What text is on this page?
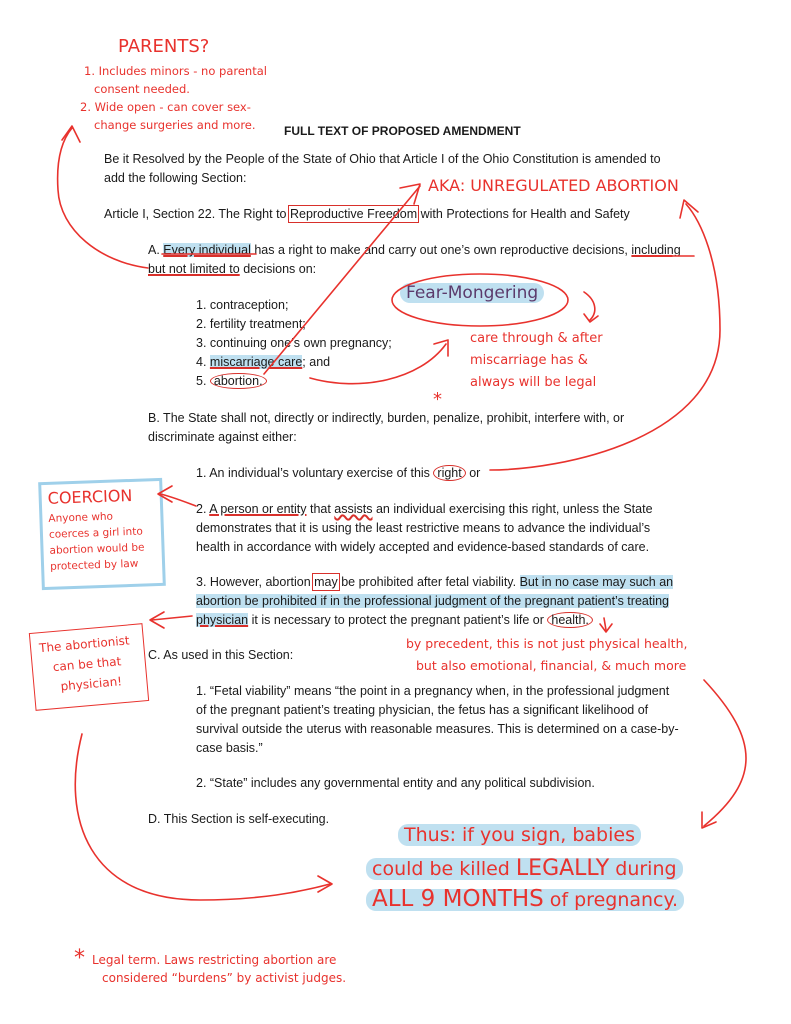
FULL TEXT OF PROPOSED AMENDMENT
Be it Resolved by the People of the State of Ohio that Article I of the Ohio Constitution is amended to
add the following Section:
Article I, Section 22. The Right to Reproductive Freedom with Protections for Health and Safety
A. Every individual has a right to make and carry out one’s own reproductive decisions, including
but not limited to decisions on:
1. contraception;
2. fertility treatment;
3. continuing one’s own pregnancy;
4. miscarriage care; and
5. abortion.
B. The State shall not, directly or indirectly, burden, penalize, prohibit, interfere with, or
discriminate against either:
1. An individual’s voluntary exercise of this right or
2. A person or entity that assists an individual exercising this right, unless the State
demonstrates that it is using the least restrictive means to advance the individual’s
health in accordance with widely accepted and evidence-based standards of care.
3. However, abortion may be prohibited after fetal viability. But in no case may such an
abortion be prohibited if in the professional judgment of the pregnant patient’s treating
physician it is necessary to protect the pregnant patient’s life or health.
C. As used in this Section:
1. “Fetal viability” means “the point in a pregnancy when, in the professional judgment
of the pregnant patient’s treating physician, the fetus has a significant likelihood of
survival outside the uterus with reasonable measures. This is determined on a case-by-
case basis.”
2. “State” includes any governmental entity and any political subdivision.
D. This Section is self-executing.
PARENTS?
1. Includes minors - no parental
consent needed.
2. Wide open - can cover sex-
change surgeries and more.
AKA: UNREGULATED ABORTION
Fear-Mongering
care through & after
miscarriage has &
always will be legal
*
COERCION
Anyone who
coerces a girl into
abortion would be
protected by law
The abortionist
can be that
physician!
by precedent, this is not just physical health,
but also emotional, financial, & much more
Thus: if you sign, babies
could be killed LEGALLY during
ALL 9 MONTHS of pregnancy.
* Legal term. Laws restricting abortion are
considered “burdens” by activist judges.
